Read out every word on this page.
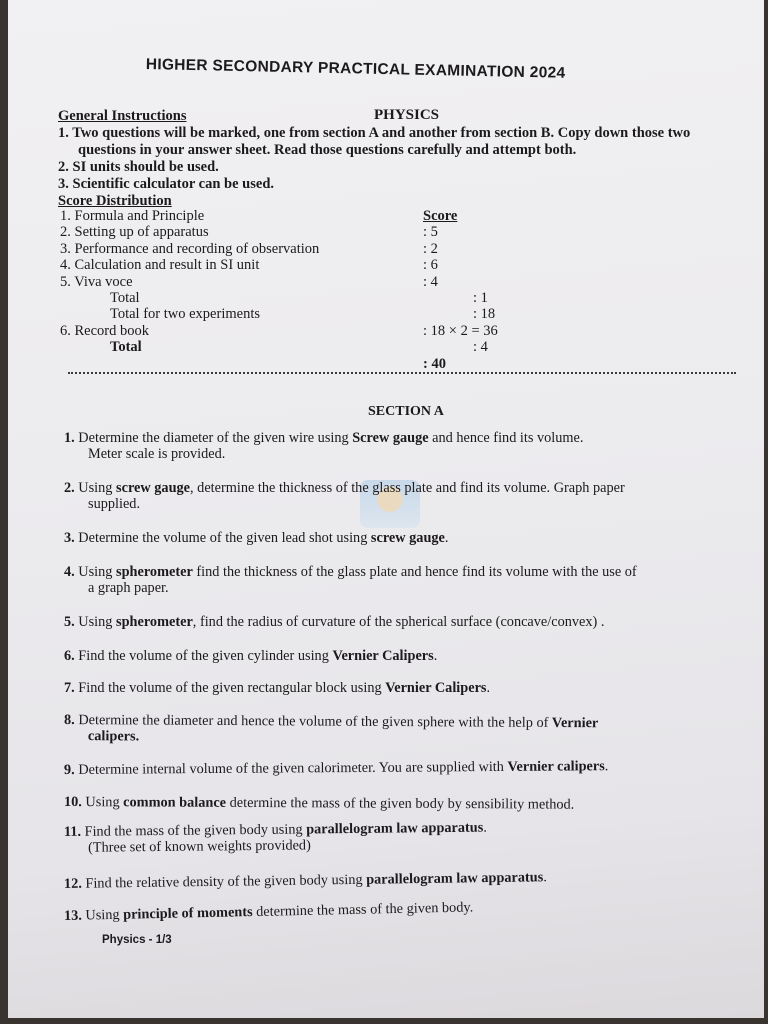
HIGHER SECONDARY PRACTICAL EXAMINATION 2024
PHYSICS
General Instructions
1. Two questions will be marked, one from section A and another from section B. Copy down those two
questions in your answer sheet. Read those questions carefully and attempt both.
2. SI units should be used.
3. Scientific calculator can be used.
Score Distribution
1. Formula and Principle	Score
2. Setting up of apparatus	: 5
3. Performance and recording of observation	: 2
4. Calculation and result in SI unit	: 6
5. Viva voce	: 4
Total	: 1
Total for two experiments	: 18
6. Record book	: 18 × 2 = 36
Total	: 4
: 40
SECTION A
1. Determine the diameter of the given wire using Screw gauge and hence find its volume.
Meter scale is provided.
2. Using screw gauge, determine the thickness of the glass plate and find its volume. Graph paper
supplied.
3. Determine the volume of the given lead shot using screw gauge.
4. Using spherometer find the thickness of the glass plate and hence find its volume with the use of
a graph paper.
5. Using spherometer, find the radius of curvature of the spherical surface (concave/convex) .
6. Find the volume of the given cylinder using Vernier Calipers.
7. Find the volume of the given rectangular block using Vernier Calipers.
8. Determine the diameter and hence the volume of the given sphere with the help of Vernier
calipers.
9. Determine internal volume of the given calorimeter. You are supplied with Vernier calipers.
10. Using common balance determine the mass of the given body by sensibility method.
11. Find the mass of the given body using parallelogram law apparatus.
(Three set of known weights provided)
12. Find the relative density of the given body using parallelogram law apparatus.
13. Using principle of moments determine the mass of the given body.
Physics - 1/3
